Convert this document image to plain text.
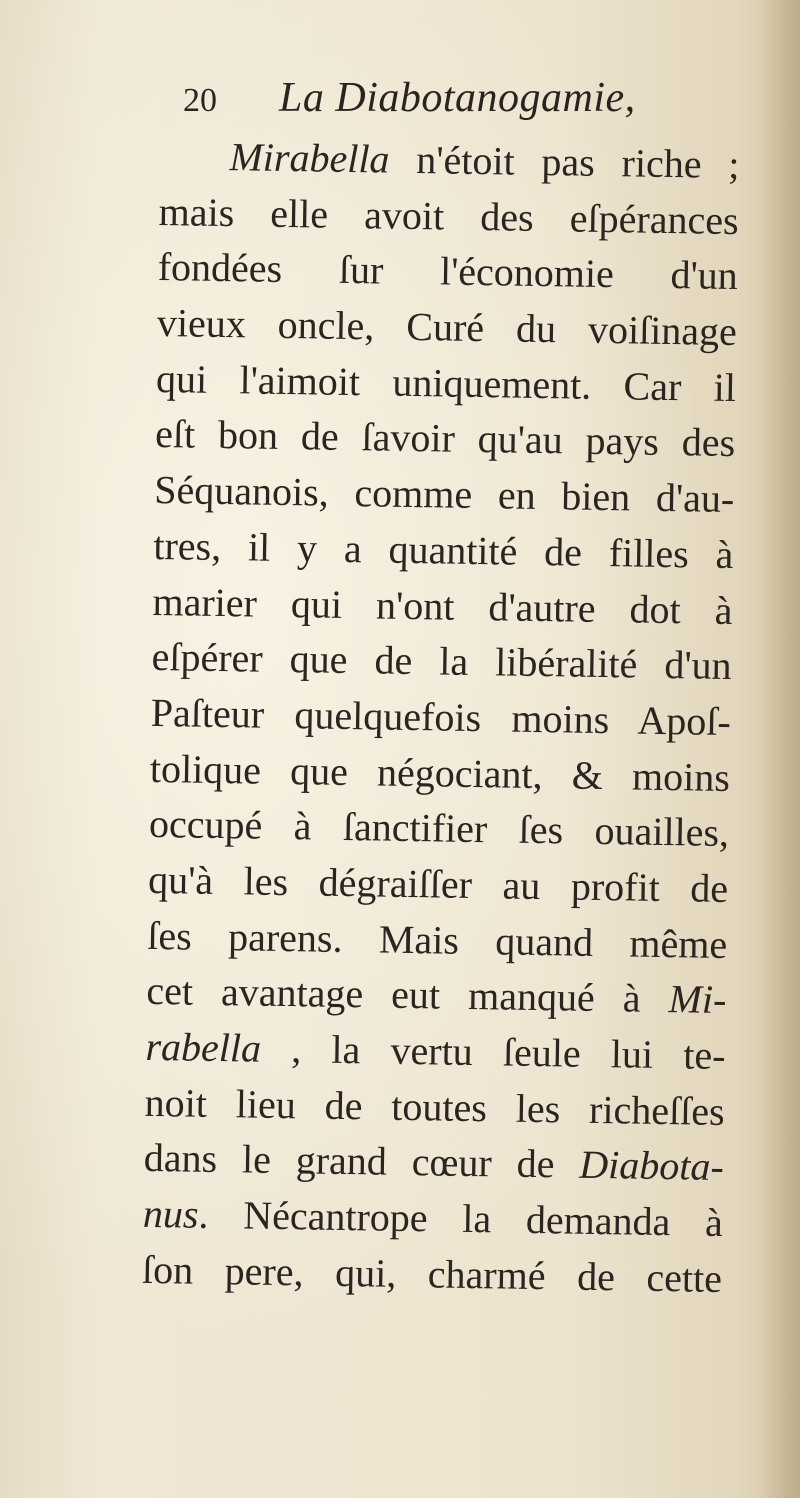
20 La Diabotanogamie,
Mirabella n'étoit pas riche ;
mais elle avoit des eſpérances
fondées ſur l'économie d'un
vieux oncle, Curé du voiſinage
qui l'aimoit uniquement. Car il
eſt bon de ſavoir qu'au pays des
Séquanois, comme en bien d'au-
tres, il y a quantité de filles à
marier qui n'ont d'autre dot à
eſpérer que de la libéralité d'un
Paſteur quelquefois moins Apoſ-
tolique que négociant, & moins
occupé à ſanctifier ſes ouailles,
qu'à les dégraiſſer au profit de
ſes parens. Mais quand même
cet avantage eut manqué à Mi-
rabella , la vertu ſeule lui te-
noit lieu de toutes les richeſſes
dans le grand cœur de Diabota-
nus. Nécantrope la demanda à
ſon pere, qui, charmé de cette
